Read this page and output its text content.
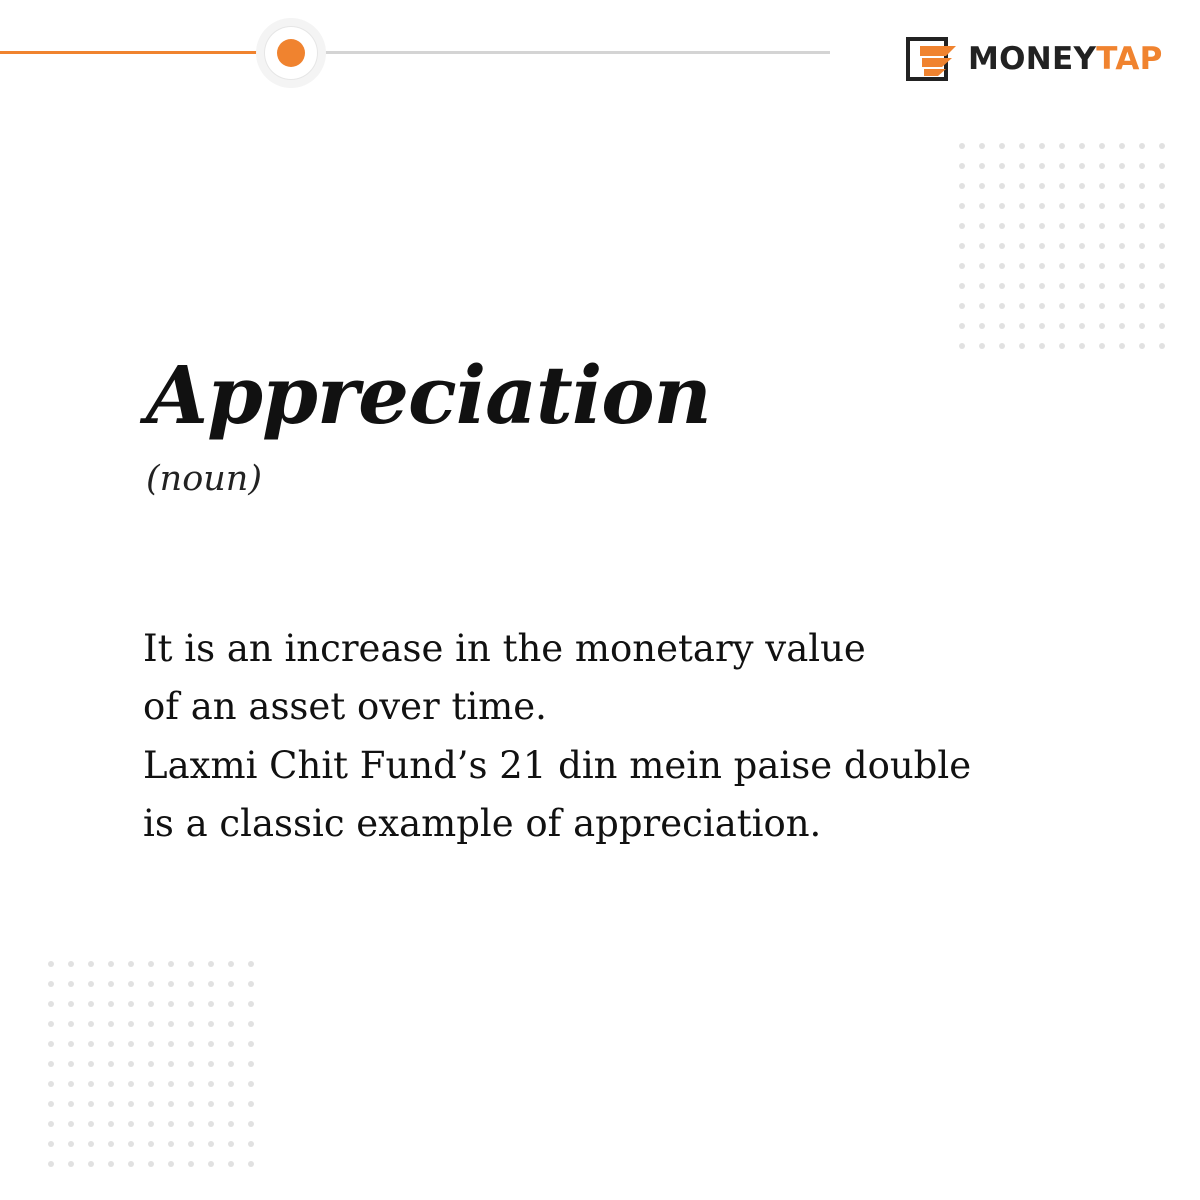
MONEYTAP
Appreciation
(noun)
It is an increase in the monetary value
of an asset over time.
Laxmi Chit Fund’s 21 din mein paise double
is a classic example of appreciation.
